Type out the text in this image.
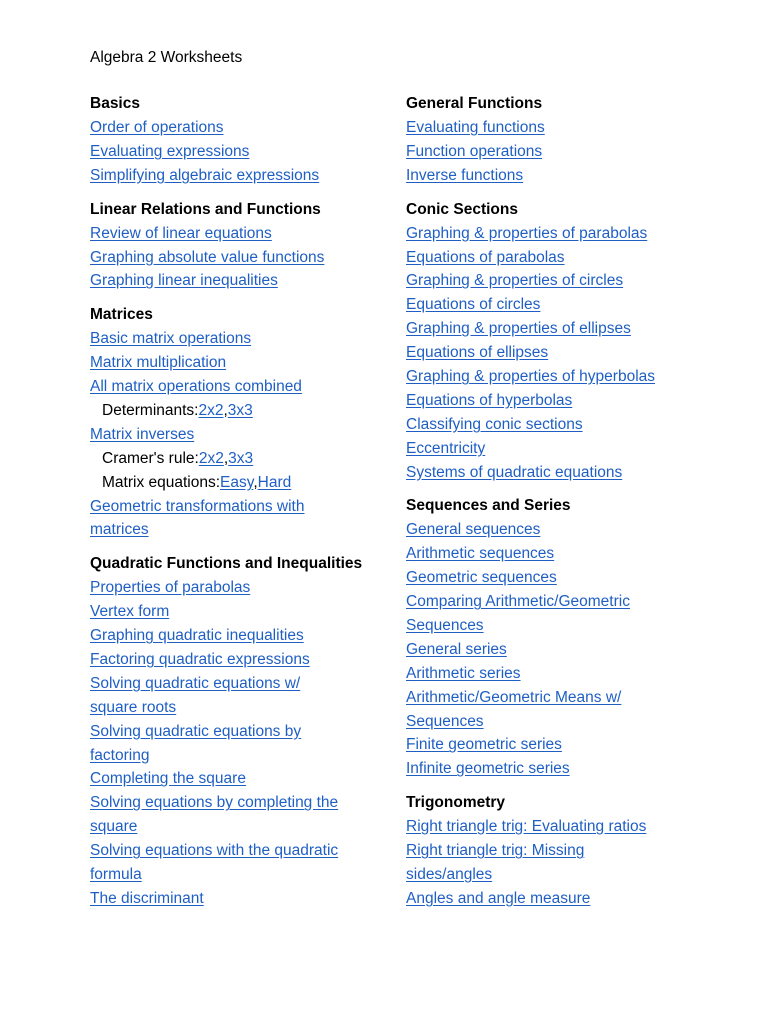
Algebra 2 Worksheets
Basics
Order of operations
Evaluating expressions
Simplifying algebraic expressions
Linear Relations and Functions
Review of linear equations
Graphing absolute value functions
Graphing linear inequalities
Matrices
Basic matrix operations
Matrix multiplication
All matrix operations combined
Determinants:2x2,3x3
Matrix inverses
Cramer's rule:2x2,3x3
Matrix equations:Easy,Hard
Geometric transformations with
matrices
Quadratic Functions and Inequalities
Properties of parabolas
Vertex form
Graphing quadratic inequalities
Factoring quadratic expressions
Solving quadratic equations w/
square roots
Solving quadratic equations by
factoring
Completing the square
Solving equations by completing the
square
Solving equations with the quadratic
formula
The discriminant
General Functions
Evaluating functions
Function operations
Inverse functions
Conic Sections
Graphing & properties of parabolas
Equations of parabolas
Graphing & properties of circles
Equations of circles
Graphing & properties of ellipses
Equations of ellipses
Graphing & properties of hyperbolas
Equations of hyperbolas
Classifying conic sections
Eccentricity
Systems of quadratic equations
Sequences and Series
General sequences
Arithmetic sequences
Geometric sequences
Comparing Arithmetic/Geometric
Sequences
General series
Arithmetic series
Arithmetic/Geometric Means w/
Sequences
Finite geometric series
Infinite geometric series
Trigonometry
Right triangle trig: Evaluating ratios
Right triangle trig: Missing
sides/angles
Angles and angle measure
